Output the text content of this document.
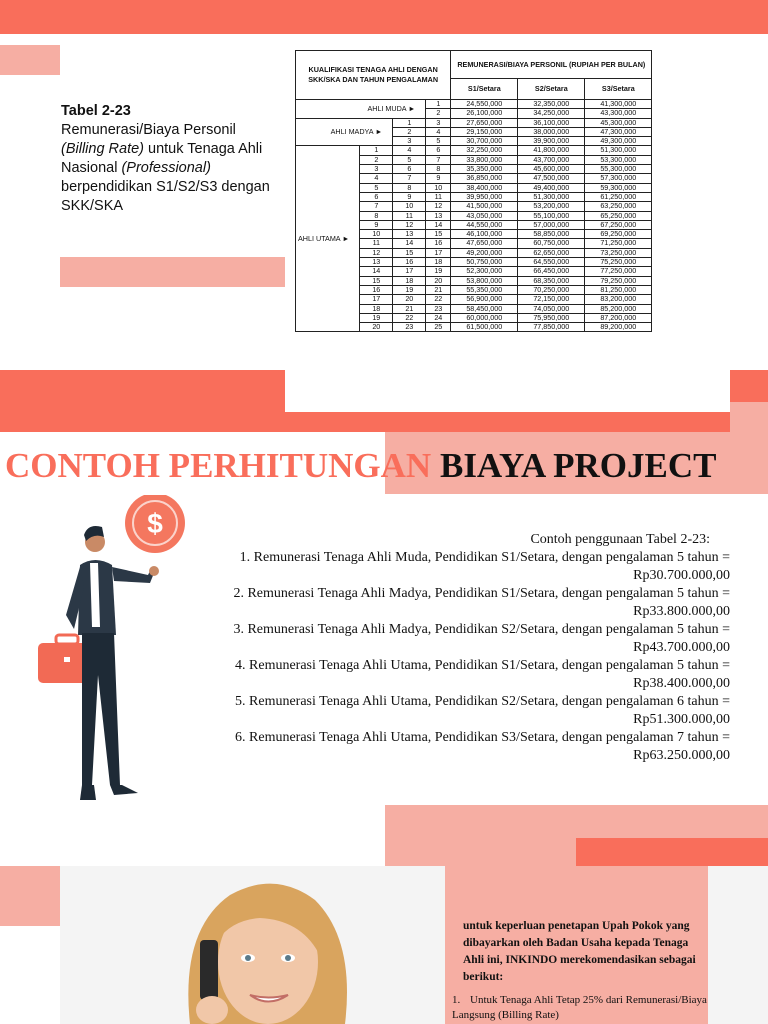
KUALIFIKASI TENAGA AHLI DENGAN SKK/SKA DAN TAHUN PENGALAMAN				REMUNERASI/BIAYA PERSONIL (RUPIAH PER BULAN)		
				S1/Setara	S2/Setara	S3/Setara
AHLI MUDA ►			1	24,550,000	32,350,000	41,300,000
			2	26,100,000	34,250,000	43,300,000
AHLI MADYA ►		1	3	27,650,000	36,100,000	45,300,000
		2	4	29,150,000	38,000,000	47,300,000
		3	5	30,700,000	39,900,000	49,300,000
AHLI UTAMA ►	1	4	6	32,250,000	41,800,000	51,300,000
	2	5	7	33,800,000	43,700,000	53,300,000
	3	6	8	35,350,000	45,600,000	55,300,000
	4	7	9	36,850,000	47,500,000	57,300,000
	5	8	10	38,400,000	49,400,000	59,300,000
	6	9	11	39,950,000	51,300,000	61,250,000
	7	10	12	41,500,000	53,200,000	63,250,000
	8	11	13	43,050,000	55,100,000	65,250,000
	9	12	14	44,550,000	57,000,000	67,250,000
	10	13	15	46,100,000	58,850,000	69,250,000
	11	14	16	47,650,000	60,750,000	71,250,000
	12	15	17	49,200,000	62,650,000	73,250,000
	13	16	18	50,750,000	64,550,000	75,250,000
	14	17	19	52,300,000	66,450,000	77,250,000
	15	18	20	53,800,000	68,350,000	79,250,000
	16	19	21	55,350,000	70,250,000	81,250,000
	17	20	22	56,900,000	72,150,000	83,200,000
	18	21	23	58,450,000	74,050,000	85,200,000
	19	22	24	60,000,000	75,950,000	87,200,000
	20	23	25	61,500,000	77,850,000	89,200,000
Tabel 2-23
Remunerasi/Biaya Personil (Billing Rate) untuk Tenaga Ahli Nasional (Professional) berpendidikan S1/S2/S3 dengan SKK/SKA
CONTOH PERHITUNGAN BIAYA PROJECT
$
Contoh penggunaan Tabel 2-23:
1. Remunerasi Tenaga Ahli Muda, Pendidikan S1/Setara, dengan pengalaman 5 tahun = Rp30.700.000,00
2. Remunerasi Tenaga Ahli Madya, Pendidikan S1/Setara, dengan pengalaman 5 tahun = Rp33.800.000,00
3. Remunerasi Tenaga Ahli Madya, Pendidikan S2/Setara, dengan pengalaman 5 tahun = Rp43.700.000,00
4. Remunerasi Tenaga Ahli Utama, Pendidikan S1/Setara, dengan pengalaman 5 tahun = Rp38.400.000,00
5. Remunerasi Tenaga Ahli Utama, Pendidikan S2/Setara, dengan pengalaman 6 tahun = Rp51.300.000,00
6. Remunerasi Tenaga Ahli Utama, Pendidikan S3/Setara, dengan pengalaman 7 tahun = Rp63.250.000,00
untuk keperluan penetapan Upah Pokok yang dibayarkan oleh Badan Usaha kepada Tenaga Ahli ini, INKINDO merekomendasikan sebagai berikut:
1. Untuk Tenaga Ahli Tetap 25% dari Remunerasi/Biaya Langsung (Billing Rate)
